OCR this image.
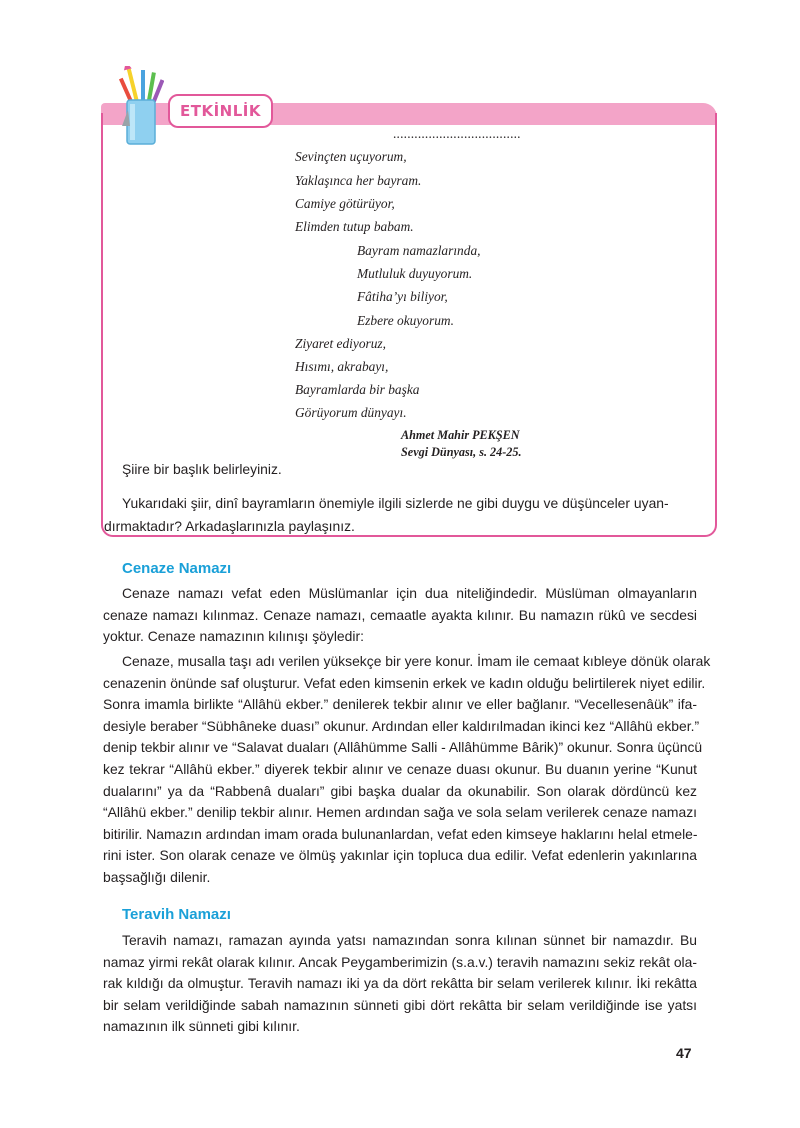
ETKİNLİK
....................................
Sevinçten uçuyorum,
Yaklaşınca her bayram.
Camiye götürüyor,
Elimden tutup babam.
Bayram namazlarında,
Mutluluk duyuyorum.
Fâtiha’yı biliyor,
Ezbere okuyorum.
Ziyaret ediyoruz,
Hısımı, akrabayı,
Bayramlarda bir başka
Görüyorum dünyayı.
Ahmet Mahir PEKŞEN
Sevgi Dünyası, s. 24-25.
Şiire bir başlık belirleyiniz.
Yukarıdaki şiir, dinî bayramların önemiyle ilgili sizlerde ne gibi duygu ve düşünceler uyan-
dırmaktadır? Arkadaşlarınızla paylaşınız.
Cenaze Namazı
Cenaze namazı vefat eden Müslümanlar için dua niteliğindedir. Müslüman olmayanların
cenaze namazı kılınmaz. Cenaze namazı, cemaatle ayakta kılınır. Bu namazın rükû ve secdesi
yoktur. Cenaze namazının kılınışı şöyledir:
Cenaze, musalla taşı adı verilen yüksekçe bir yere konur. İmam ile cemaat kıbleye dönük olarak
cenazenin önünde saf oluşturur. Vefat eden kimsenin erkek ve kadın olduğu belirtilerek niyet edilir.
Sonra imamla birlikte “Allâhü ekber.” denilerek tekbir alınır ve eller bağlanır. “Vecellesenâük” ifa-
desiyle beraber “Sübhâneke duası” okunur. Ardından eller kaldırılmadan ikinci kez “Allâhü ekber.”
denip tekbir alınır ve “Salavat duaları (Allâhümme Salli - Allâhümme Bârik)” okunur. Sonra üçüncü
kez tekrar “Allâhü ekber.” diyerek tekbir alınır ve cenaze duası okunur. Bu duanın yerine “Kunut
dualarını” ya da “Rabbenâ duaları” gibi başka dualar da okunabilir. Son olarak dördüncü kez
“Allâhü ekber.” denilip tekbir alınır. Hemen ardından sağa ve sola selam verilerek cenaze namazı
bitirilir. Namazın ardından imam orada bulunanlardan, vefat eden kimseye haklarını helal etmele-
rini ister. Son olarak cenaze ve ölmüş yakınlar için topluca dua edilir. Vefat edenlerin yakınlarına
başsağlığı dilenir.
Teravih Namazı
Teravih namazı, ramazan ayında yatsı namazından sonra kılınan sünnet bir namazdır. Bu
namaz yirmi rekât olarak kılınır. Ancak Peygamberimizin (s.a.v.) teravih namazını sekiz rekât ola-
rak kıldığı da olmuştur. Teravih namazı iki ya da dört rekâtta bir selam verilerek kılınır. İki rekâtta
bir selam verildiğinde sabah namazının sünneti gibi dört rekâtta bir selam verildiğinde ise yatsı
namazının ilk sünneti gibi kılınır.
47
